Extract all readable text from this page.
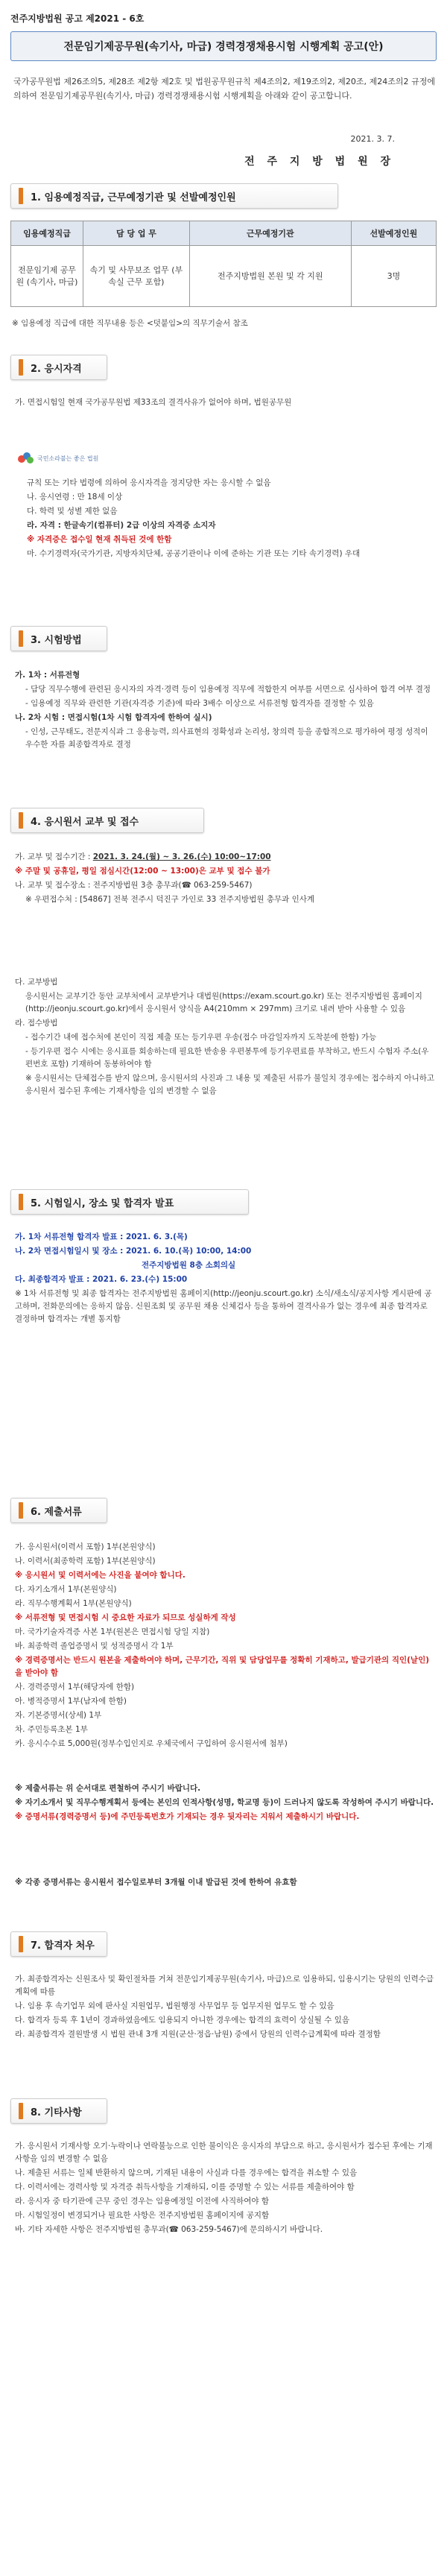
전주지방법원 공고 제2021 - 6호
전문임기제공무원(속기사, 마급) 경력경쟁채용시험 시행계획 공고(안)
국가공무원법 제26조의5, 제28조 제2항 제2호 및 법원공무원규칙 제4조의2, 제19조의2, 제20조, 제24조의2 규정에 의하여 전문임기제공무원(속기사, 마급) 경력경쟁채용시험 시행계획을 아래와 같이 공고합니다.
2021. 3. 7.
전 주 지 방 법 원 장
1. 임용예정직급, 근무예정기관 및 선발예정인원
임용예정직급	담 당 업 무	근무예정기관	선발예정인원
전문임기제 공무원 (속기사, 마급)	속기 및 사무보조 업무 (부속실 근무 포함)	전주지방법원 본원 및 각 지원	3명
※ 임용예정 직급에 대한 직무내용 등은 <덧붙임>의 직무기술서 참조
2. 응시자격
가. 면접시험일 현재 국가공무원법 제33조의 결격사유가 없어야 하며, 법원공무원
국민소라불는 좋은 법원

규칙 또는 기타 법령에 의하여 응시자격을 정지당한 자는 응시할 수 없음

나. 응시연령 : 만 18세 이상

다. 학력 및 성별 제한 없음

라. 자격 : 한글속기(컴퓨터) 2급 이상의 자격증 소지자

※ 자격증은 접수일 현재 취득된 것에 한함

마. 수기경력자(국가기관, 지방자치단체, 공공기관이나 이에 준하는 기관 또는 기타 속기경력) 우대

3. 시험방법

가. 1차 : 서류전형

- 담당 직무수행에 관련된 응시자의 자격·경력 등이 임용예정 직무에 적합한지 여부를 서면으로 심사하여 합격 여부 결정

- 임용예정 직무와 관련한 기관(자격증 기준)에 따라 3배수 이상으로 서류전형 합격자를 결정할 수 있음

나. 2차 시험 : 면접시험(1차 시험 합격자에 한하여 실시)

- 인성, 근무태도, 전문지식과 그 응용능력, 의사표현의 정확성과 논리성, 창의력 등을 종합적으로 평가하여 평정 성적이 우수한 자를 최종합격자로 결정

4. 응시원서 교부 및 접수

가. 교부 및 접수기간 : 2021. 3. 24.(월) ~ 3. 26.(수) 10:00~17:00

※ 주말 및 공휴일, 평일 점심시간(12:00 ~ 13:00)은 교부 및 접수 불가

나. 교부 및 접수장소 : 전주지방법원 3층 총무과(☎ 063-259-5467)

※ 우편접수처 : [54867] 전북 전주시 덕진구 가인로 33 전주지방법원 총무과 인사계

다. 교부방법

응시원서는 교부기간 동안 교부처에서 교부받거나 대법원(https://exam.scourt.go.kr) 또는 전주지방법원 홈페이지(http://jeonju.scourt.go.kr)에서 응시원서 양식을 A4(210mm × 297mm) 크기로 내려 받아 사용할 수 있음

라. 접수방법

- 접수기간 내에 접수처에 본인이 직접 제출 또는 등기우편 우송(접수 마감일자까지 도착분에 한함) 가능

- 등기우편 접수 시에는 응시표를 회송하는데 필요한 반송용 우편봉투에 등기우편료를 부착하고, 반드시 수험자 주소(우편번호 포함) 기재하여 동봉하여야 함

※ 응시원서는 단체접수를 받지 않으며, 응시원서의 사진과 그 내용 및 제출된 서류가 불일치 경우에는 접수하지 아니하고 응시원서 접수된 후에는 기재사항을 임의 변경할 수 없음

5. 시험일시, 장소 및 합격자 발표

가. 1차 서류전형 합격자 발표 : 2021. 6. 3.(목)

나. 2차 면접시험일시 및 장소 : 2021. 6. 10.(목) 10:00, 14:00

전주지방법원 8층 소회의실

다. 최종합격자 발표 : 2021. 6. 23.(수) 15:00

※ 1차 서류전형 및 최종 합격자는 전주지방법원 홈페이지(http://jeonju.scourt.go.kr) 소식/새소식/공지사항 게시판에 공고하며, 전화문의에는 응하지 않음. 신원조회 및 공무원 채용 신체검사 등을 통하여 결격사유가 없는 경우에 최종 합격자로 결정하며 합격자는 개별 통지함

6. 제출서류

가. 응시원서(이력서 포함) 1부(본원양식)

나. 이력서(최종학력 포함) 1부(본원양식)

※ 응시원서 및 이력서에는 사진을 붙여야 합니다.

다. 자기소개서 1부(본원양식)

라. 직무수행계획서 1부(본원양식)

※ 서류전형 및 면접시험 시 중요한 자료가 되므로 성실하게 작성

마. 국가기술자격증 사본 1부(원본은 면접시험 당일 지참)

바. 최종학력 졸업증명서 및 성적증명서 각 1부

※ 경력증명서는 반드시 원본을 제출하여야 하며, 근무기간, 직위 및 담당업무를 정확히 기재하고, 발급기관의 직인(날인)을 받아야 함

사. 경력증명서 1부(해당자에 한함)

아. 병적증명서 1부(남자에 한함)

자. 기본증명서(상세) 1부

차. 주민등록초본 1부

카. 응시수수료 5,000원(정부수입인지로 우체국에서 구입하여 응시원서에 첨부)

※ 제출서류는 위 순서대로 편철하여 주시기 바랍니다.

※ 자기소개서 및 직무수행계획서 등에는 본인의 인적사항(성명, 학교명 등)이 드러나지 않도록 작성하여 주시기 바랍니다.

※ 증명서류(경력증명서 등)에 주민등록번호가 기재되는 경우 뒷자리는 지워서 제출하시기 바랍니다.

※ 각종 증명서류는 응시원서 접수일로부터 3개월 이내 발급된 것에 한하여 유효함
7. 합격자 처우

가. 최종합격자는 신원조사 및 확인절차를 거쳐 전문임기제공무원(속기사, 마급)으로 임용하되, 임용시기는 당원의 인력수급계획에 따름

나. 임용 후 속기업무 외에 판사실 지원업무, 법원행정 사무업무 등 업무지원 업무도 할 수 있음

다. 합격자 등록 후 1년이 경과하였음에도 임용되지 아니한 경우에는 합격의 효력이 상실될 수 있음

라. 최종합격자 결원발생 시 법원 관내 3개 지원(군산·정읍·남원) 중에서 당원의 인력수급계획에 따라 결정함

8. 기타사항

가. 응시원서 기재사항 오기·누락이나 연락불능으로 인한 불이익은 응시자의 부담으로 하고, 응시원서가 접수된 후에는 기재사항을 임의 변경할 수 없음

나. 제출된 서류는 일체 반환하지 않으며, 기재된 내용이 사실과 다를 경우에는 합격을 취소할 수 있음

다. 이력서에는 경력사항 및 자격증 취득사항을 기재하되, 이를 증명할 수 있는 서류를 제출하여야 함

라. 응시자 중 타기관에 근무 중인 경우는 임용예정일 이전에 사직하여야 함

마. 시험일정이 변경되거나 필요한 사항은 전주지방법원 홈페이지에 공지함

바. 기타 자세한 사항은 전주지방법원 총무과(☎ 063-259-5467)에 문의하시기 바랍니다.
